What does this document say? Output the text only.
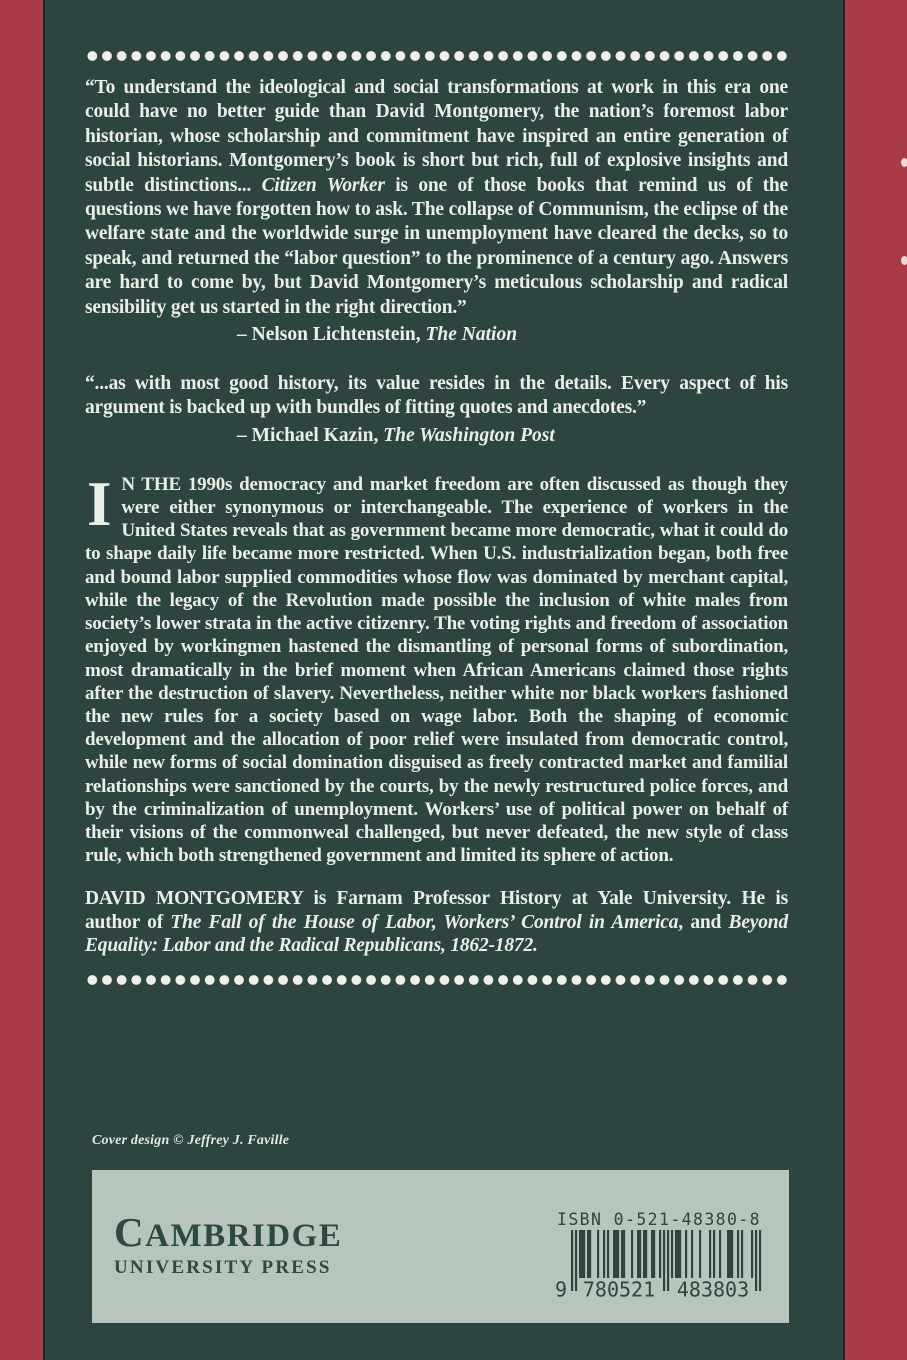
“To understand the ideological and social transformations at work in this era one could have no better guide than David Montgomery, the nation’s foremost labor historian, whose scholarship and commitment have inspired an entire generation of social historians. Montgomery’s book is short but rich, full of explosive insights and subtle distinctions... Citizen Worker is one of those books that remind us of the questions we have forgotten how to ask. The collapse of Communism, the eclipse of the welfare state and the worldwide surge in unemployment have cleared the decks, so to speak, and returned the “labor question” to the prominence of a century ago. Answers are hard to come by, but David Montgomery’s meticulous scholarship and radical sensibility get us started in the right direction.”

– Nelson Lichtenstein, The Nation

“...as with most good history, its value resides in the details. Every aspect of his argument is backed up with bundles of fitting quotes and anecdotes.”

– Michael Kazin, The Washington Post

I N THE 1990s democracy and market freedom are often discussed as though they were either synonymous or interchangeable. The experience of workers in the United States reveals that as government became more democratic, what it could do to shape daily life became more restricted. When U.S. industrialization began, both free and bound labor supplied commodities whose flow was dominated by merchant capital, while the legacy of the Revolution made possible the inclusion of white males from society’s lower strata in the active citizenry. The voting rights and freedom of association enjoyed by workingmen hastened the dismantling of personal forms of subordination, most dramatically in the brief moment when African Americans claimed those rights after the destruction of slavery. Nevertheless, neither white nor black workers fashioned the new rules for a society based on wage labor. Both the shaping of economic development and the allocation of poor relief were insulated from democratic control, while new forms of social domination disguised as freely contracted market and familial relationships were sanctioned by the courts, by the newly restructured police forces, and by the criminalization of unemployment. Workers’ use of political power on behalf of their visions of the commonweal challenged, but never defeated, the new style of class rule, which both strengthened government and limited its sphere of action.

DAVID MONTGOMERY is Farnam Professor History at Yale University. He is author of The Fall of the House of Labor, Workers’ Control in America, and Beyond Equality: Labor and the Radical Republicans, 1862-1872.

Cover design © Jeffrey J. Faville

CAMBRIDGE
UNIVERSITY PRESS
ISBN 0-521-48380-8
9 780521 483803
